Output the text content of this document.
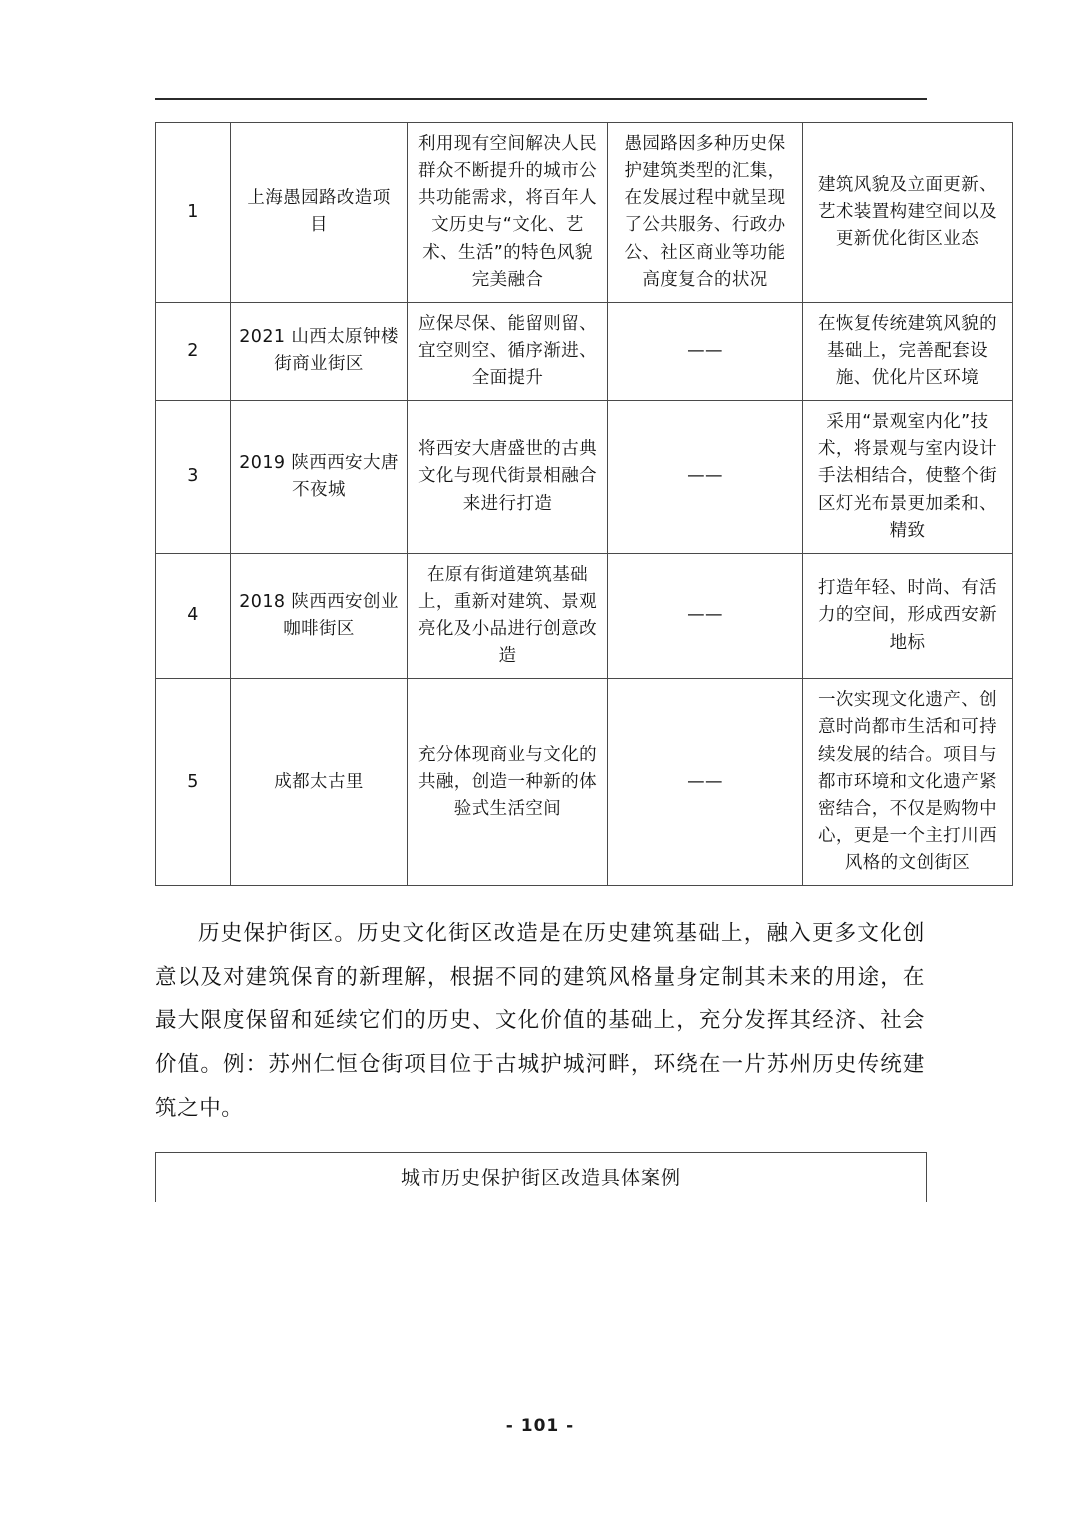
1	上海愚园路改造项目	利用现有空间解决人民群众不断提升的城市公共功能需求，将百年人文历史与“文化、艺术、生活”的特色风貌完美融合	愚园路因多种历史保护建筑类型的汇集，在发展过程中就呈现了公共服务、行政办公、社区商业等功能高度复合的状况	建筑风貌及立面更新、艺术装置构建空间以及更新优化街区业态
2	2021 山西太原钟楼街商业街区	应保尽保、能留则留、宜空则空、循序渐进、全面提升	——	在恢复传统建筑风貌的基础上，完善配套设施、优化片区环境
3	2019 陕西西安大唐不夜城	将西安大唐盛世的古典文化与现代街景相融合来进行打造	——	采用“景观室内化”技术，将景观与室内设计手法相结合，使整个街区灯光布景更加柔和、精致
4	2018 陕西西安创业咖啡街区	在原有街道建筑基础上，重新对建筑、景观亮化及小品进行创意改造	——	打造年轻、时尚、有活力的空间，形成西安新地标
5	成都太古里	充分体现商业与文化的共融，创造一种新的体验式生活空间	——	一次实现文化遗产、创意时尚都市生活和可持续发展的结合。项目与都市环境和文化遗产紧密结合，不仅是购物中心，更是一个主打川西风格的文创街区

历史保护街区。历史文化街区改造是在历史建筑基础上，融入更多文化创意以及对建筑保育的新理解，根据不同的建筑风格量身定制其未来的用途，在最大限度保留和延续它们的历史、文化价值的基础上，充分发挥其经济、社会价值。例：苏州仁恒仓街项目位于古城护城河畔，环绕在一片苏州历史传统建筑之中。

城市历史保护街区改造具体案例
- 101 -
